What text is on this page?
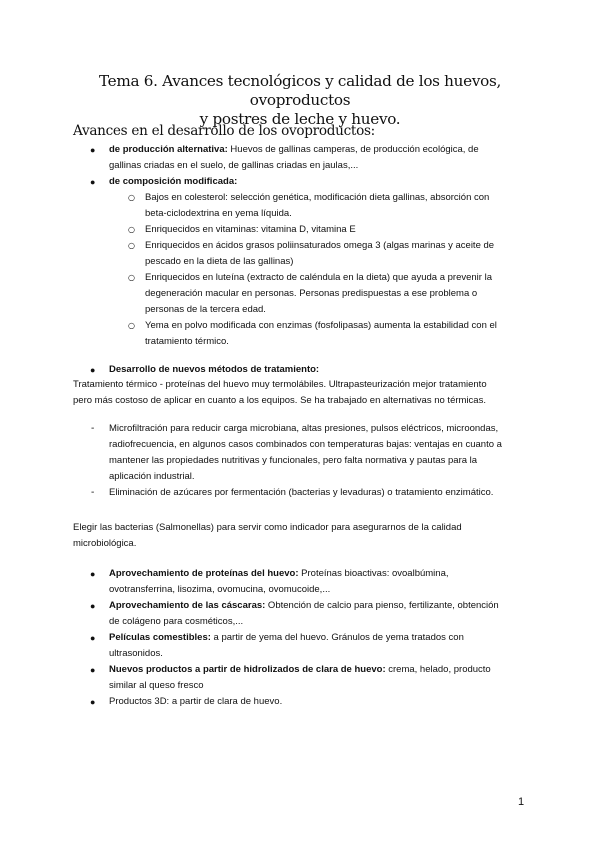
Tema 6. Avances tecnológicos y calidad de los huevos, ovoproductos
y postres de leche y huevo.
Avances en el desarrollo de los ovoproductos:
● de producción alternativa: Huevos de gallinas camperas, de producción ecológica, de
gallinas criadas en el suelo, de gallinas criadas en jaulas,...
● de composición modificada:
○ Bajos en colesterol: selección genética, modificación dieta gallinas, absorción con
beta-ciclodextrina en yema líquida.
○ Enriquecidos en vitaminas: vitamina D, vitamina E
○ Enriquecidos en ácidos grasos poliinsaturados omega 3 (algas marinas y aceite de
pescado en la dieta de las gallinas)
○ Enriquecidos en luteína (extracto de caléndula en la dieta) que ayuda a prevenir la
degeneración macular en personas. Personas predispuestas a ese problema o
personas de la tercera edad.
○ Yema en polvo modificada con enzimas (fosfolipasas) aumenta la estabilidad con el
tratamiento térmico.
● Desarrollo de nuevos métodos de tratamiento:
Tratamiento térmico - proteínas del huevo muy termolábiles. Ultrapasteurización mejor tratamiento
pero más costoso de aplicar en cuanto a los equipos. Se ha trabajado en alternativas no térmicas.
- Microfiltración para reducir carga microbiana, altas presiones, pulsos eléctricos, microondas,
radiofrecuencia, en algunos casos combinados con temperaturas bajas: ventajas en cuanto a
mantener las propiedades nutritivas y funcionales, pero falta normativa y pautas para la
aplicación industrial.
- Eliminación de azúcares por fermentación (bacterias y levaduras) o tratamiento enzimático.
Elegir las bacterias (Salmonellas) para servir como indicador para asegurarnos de la calidad
microbiológica.
● Aprovechamiento de proteínas del huevo: Proteínas bioactivas: ovoalbúmina,
ovotransferrina, lisozima, ovomucina, ovomucoide,...
● Aprovechamiento de las cáscaras: Obtención de calcio para pienso, fertilizante, obtención
de colágeno para cosméticos,...
● Películas comestibles: a partir de yema del huevo. Gránulos de yema tratados con
ultrasonidos.
● Nuevos productos a partir de hidrolizados de clara de huevo: crema, helado, producto
similar al queso fresco
● Productos 3D: a partir de clara de huevo.
1
